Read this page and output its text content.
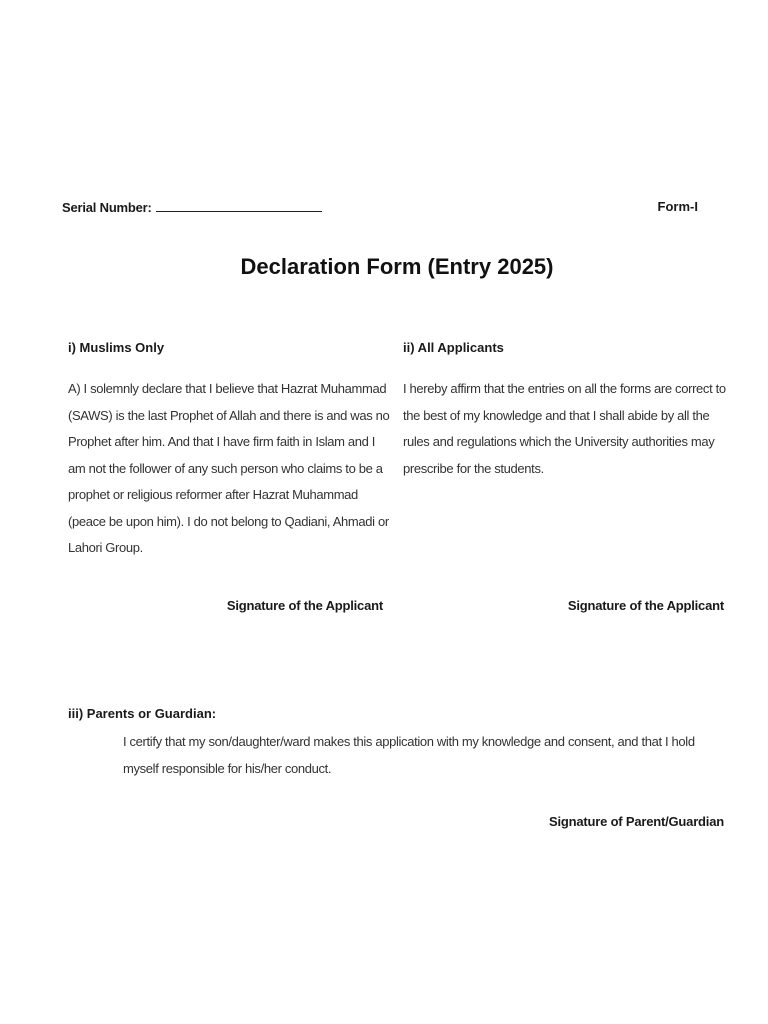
Serial Number:	Form-I
Declaration Form (Entry 2025)
i) Muslims Only

A) I solemnly declare that I believe that Hazrat Muhammad (SAWS) is the last Prophet of Allah and there is and was no Prophet after him. And that I have firm faith in Islam and I am not the follower of any such person who claims to be a prophet or religious reformer after Hazrat Muhammad (peace be upon him). I do not belong to Qadiani, Ahmadi or Lahori Group.

ii) All Applicants

I hereby affirm that the entries on all the forms are correct to the best of my knowledge and that I shall abide by all the rules and regulations which the University authorities may prescribe for the students.

Signature of the Applicant	Signature of the Applicant
iii) Parents or Guardian:

I certify that my son/daughter/ward makes this application with my knowledge and consent, and that I hold myself responsible for his/her conduct.

Signature of Parent/Guardian
